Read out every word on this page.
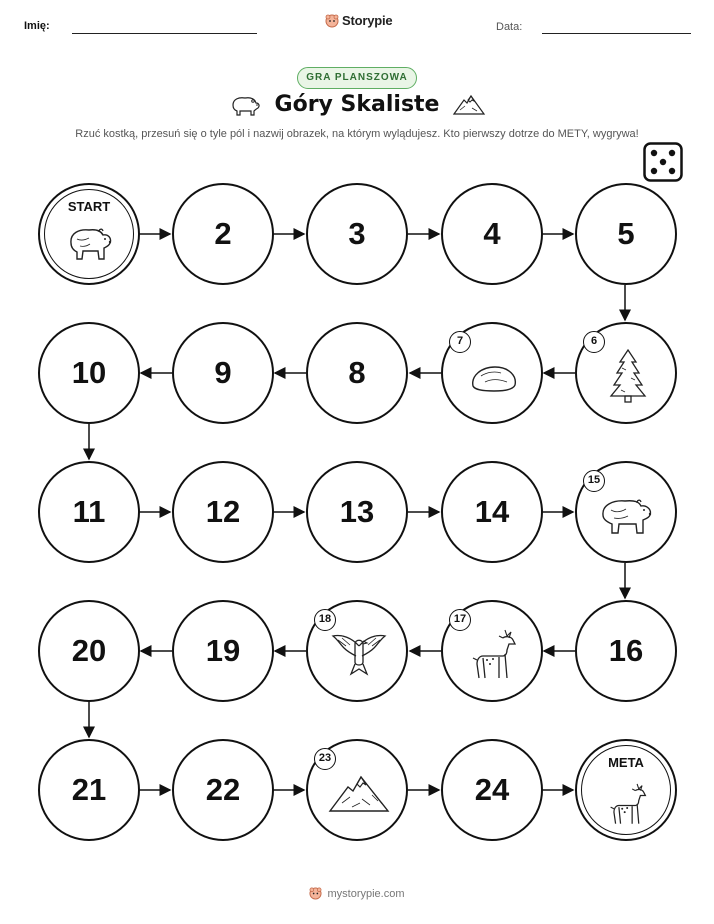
Imię:	Storypie	Data:
GRA PLANSZOWA
Góry Skaliste
Rzuć kostką, przesuń się o tyle pól i nazwij obrazek, na którym wylądujesz. Kto pierwszy dotrze do METY, wygrywa!
START
2	3	4	5
10	9	8
7	6
11	12	13	14
15
20	19
18	17
16
21	22
23
24
META
mystorypie.com
